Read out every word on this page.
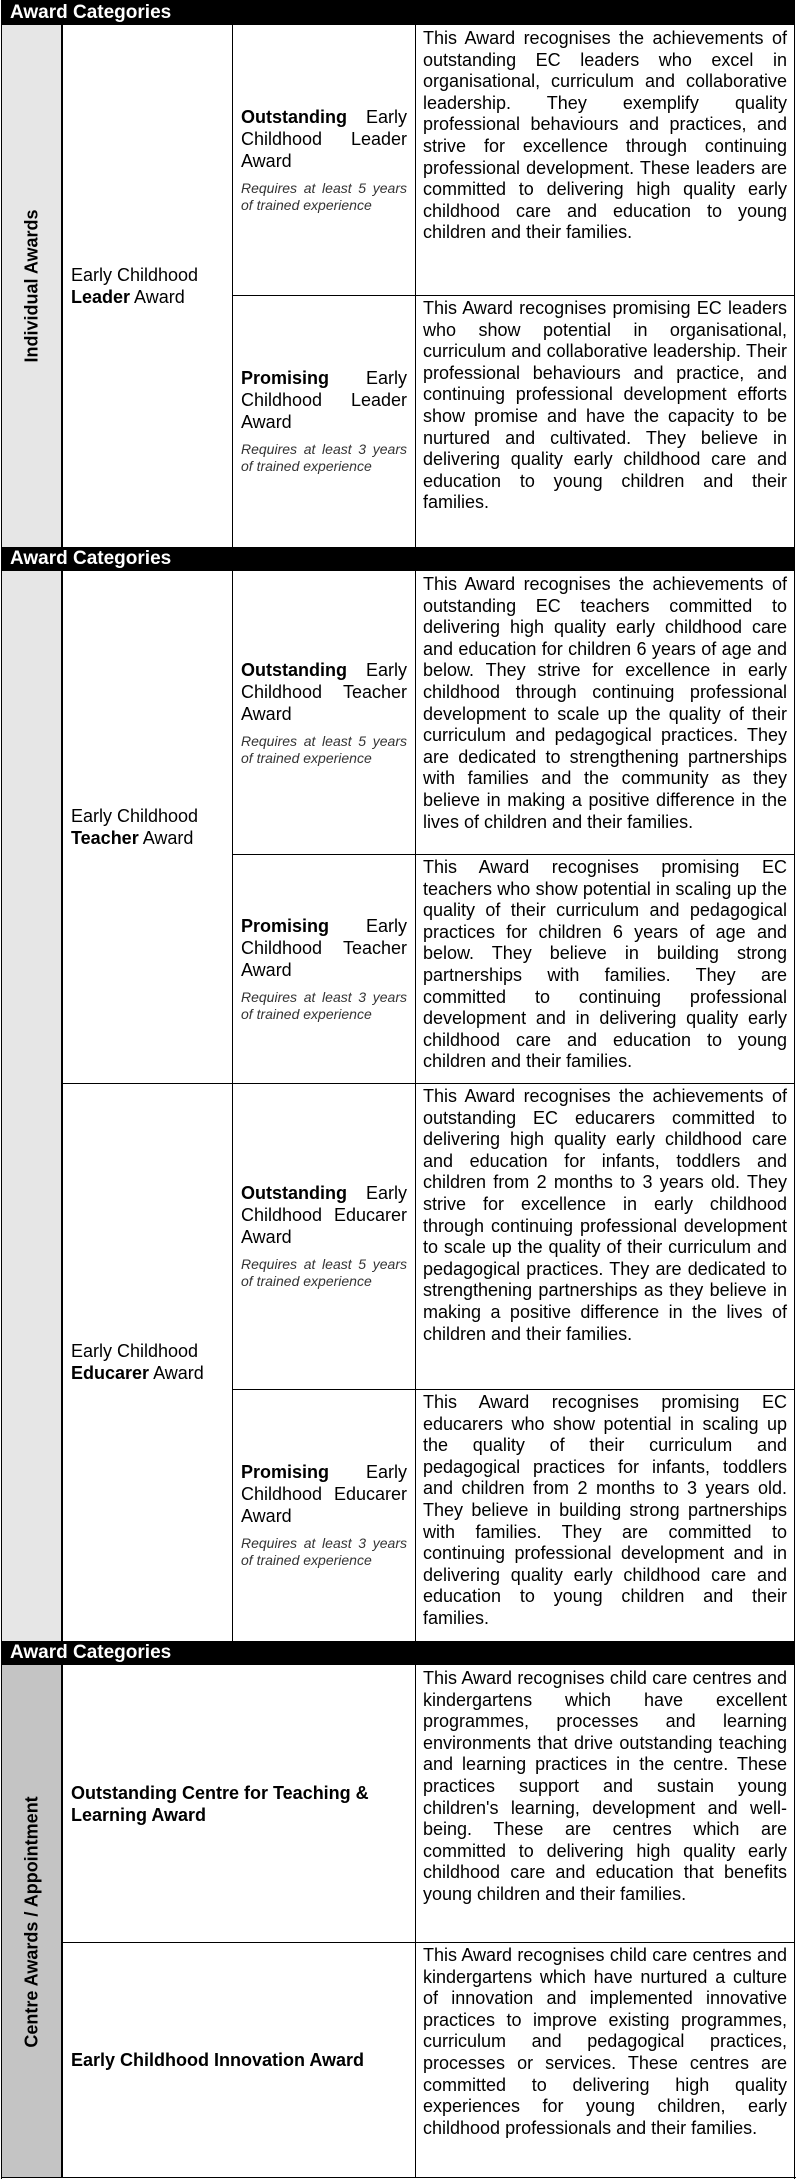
Award Categories
Individual Awards Early Childhood
Leader Award
Outstanding Early Childhood Leader Award
Requires at least 5 years of trained experience
This Award recognises the achievements of outstanding EC leaders who excel in organisational, curriculum and collaborative leadership. They exemplify quality professional behaviours and practices, and strive for excellence through continuing professional development. These leaders are committed to delivering high quality early childhood care and education to young children and their families.
Promising Early Childhood Leader Award
Requires at least 3 years of trained experience
This Award recognises promising EC leaders who show potential in organisational, curriculum and collaborative leadership. Their professional behaviours and practice, and continuing professional development efforts show promise and have the capacity to be nurtured and cultivated. They believe in delivering quality early childhood care and education to young children and their families.
Award Categories
Early Childhood
Teacher Award
Outstanding Early Childhood Teacher Award
Requires at least 5 years of trained experience
This Award recognises the achievements of outstanding EC teachers committed to delivering high quality early childhood care and education for children 6 years of age and below. They strive for excellence in early childhood through continuing professional development to scale up the quality of their curriculum and pedagogical practices. They are dedicated to strengthening partnerships with families and the community as they believe in making a positive difference in the lives of children and their families.
Promising Early Childhood Teacher Award
Requires at least 3 years of trained experience
This Award recognises promising EC teachers who show potential in scaling up the quality of their curriculum and pedagogical practices for children 6 years of age and below. They believe in building strong partnerships with families. They are committed to continuing professional development and in delivering quality early childhood care and education to young children and their families.
Early Childhood
Educarer Award
Outstanding Early Childhood Educarer Award
Requires at least 5 years of trained experience
This Award recognises the achievements of outstanding EC educarers committed to delivering high quality early childhood care and education for infants, toddlers and children from 2 months to 3 years old. They strive for excellence in early childhood through continuing professional development to scale up the quality of their curriculum and pedagogical practices. They are dedicated to strengthening partnerships as they believe in making a positive difference in the lives of children and their families.
Promising Early Childhood Educarer Award
Requires at least 3 years of trained experience
This Award recognises promising EC educarers who show potential in scaling up the quality of their curriculum and pedagogical practices for infants, toddlers and children from 2 months to 3 years old. They believe in building strong partnerships with families. They are committed to continuing professional development and in delivering quality early childhood care and education to young children and their families.
Award Categories
Centre Awards / Appointment
Outstanding Centre for Teaching & Learning Award
This Award recognises child care centres and kindergartens which have excellent programmes, processes and learning environments that drive outstanding teaching and learning practices in the centre. These practices support and sustain young children's learning, development and well-being. These are centres which are committed to delivering high quality early childhood care and education that benefits young children and their families.
Early Childhood Innovation Award
This Award recognises child care centres and kindergartens which have nurtured a culture of innovation and implemented innovative practices to improve existing programmes, curriculum and pedagogical practices, processes or services. These centres are committed to delivering high quality experiences for young children, early childhood professionals and their families.
